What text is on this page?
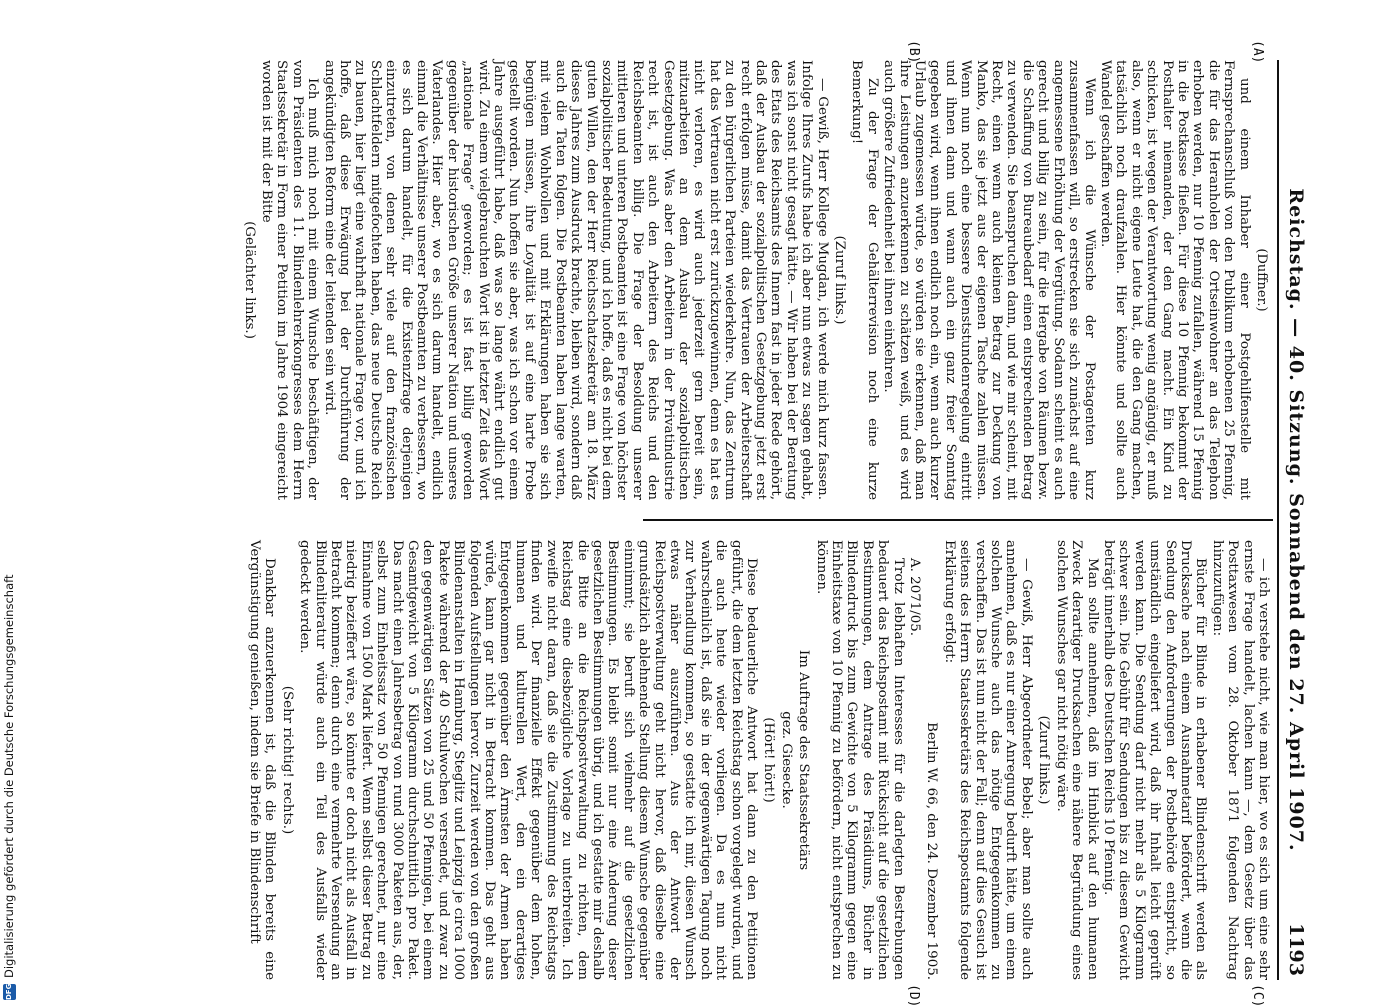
Reichstag. — 40. Sitzung. Sonnabend den 27. April 1907.
1193
(A)
(B)
(C)
(D)
(Duffner.)

und einem Inhaber einer Postgehilfenstelle mit Fernsprechanschluß von den Publikum erhobenen 25 Pfennig, die für das Heranholen der Ortseinwohner an das Telephon erhoben werden, nur 10 Pfennig zufallen, während 15 Pfennig in die Postkasse fließen. Für diese 10 Pfennig bekommt der Posthalter niemanden, der den Gang macht. Ein Kind zu schicken, ist wegen der Verantwortung wenig angängig, er muß also, wenn er nicht eigene Leute hat, die den Gang machen, tatsächlich noch draufzahlen. Hier könnte und sollte auch Wandel geschaffen werden.

Wenn ich die Wünsche der Postagenten kurz zusammenfassen will, so erstrecken sie sich zunächst auf eine angemessene Erhöhung der Vergütung. Sodann scheint es auch gerecht und billig zu sein, für die Hergabe von Räumen bezw. die Schaffung von Bureaubedarf einen entsprechenden Betrag zu verwenden. Sie beanspruchen dann, und wie mir scheint, mit Recht, einen wenn auch kleinen Betrag zur Deckung von Manko, das sie jetzt aus der eigenen Tasche zahlen müssen. Wenn nun noch eine bessere Dienststundenregelung eintritt und ihnen dann und wann auch ein ganz freier Sonntag gegeben wird, wenn ihnen endlich noch ein, wenn auch kurzer Urlaub zugemessen würde, so würden sie erkennen, daß man ihre Leistungen anzuerkennen zu schätzen weiß, und es wird auch größere Zufriedenheit bei ihnen einkehren.

Zu der Frage der Gehälterrevision noch eine kurze Bemerkung!

(Zuruf links.)

— Gewiß, Herr Kollege Mugdan, ich werde mich kurz fassen. Infolge Ihres Zurufs habe ich aber nun etwas zu sagen gehabt, was ich sonst nicht gesagt hätte. — Wir haben bei der Beratung des Etats des Reichsamts des Innern fast in jeder Rede gehört, daß der Ausbau der sozialpolitischen Gesetzgebung jetzt erst recht erfolgen müsse, damit das Vertrauen der Arbeiterschaft zu den bürgerlichen Parteien wiederkehre. Nun, das Zentrum hat das Vertrauen nicht erst zurückzugewinnen, denn es hat es nicht verloren, es wird auch jederzeit gern bereit sein, mitzuarbeiten an dem Ausbau der sozialpolitischen Gesetzgebung. Was aber den Arbeitern in der Privatindustrie recht ist, ist auch den Arbeitern des Reichs und den Reichsbeamten billig. Die Frage der Besoldung unserer mittleren und unteren Postbeamten ist eine Frage von höchster sozialpolitischer Bedeutung, und ich hoffe, daß es nicht bei dem guten Willen, den der Herr Reichsschatzsekretär am 18. März dieses Jahres zum Ausdruck brachte, bleiben wird, sondern daß auch die Taten folgen. Die Postbeamten haben lange warten, mit vielem Wohlwollen und mit Erklärungen haben sie sich begnügen müssen, ihre Loyalität ist auf eine harte Probe gestellt worden. Nun hoffen sie aber, was ich schon vor einem Jahre ausgeführt habe, daß was so lange währt endlich gut wird. Zu einem vielgebrauchten Wort ist in letzter Zeit das Wort „nationale Frage“ geworden; es ist fast billig geworden gegenüber der historischen Größe unserer Nation und unseres Vaterlandes. Hier aber, wo es sich darum handelt, endlich einmal die Verhältnisse unserer Postbeamten zu verbessern, wo es sich darum handelt, für die Existenzfrage derjenigen einzutreten, von denen sehr viele auf den französischen Schlachtfeldern mitgefochten haben, das neue Deutsche Reich zu bauen, hier liegt eine wahrhaft nationale Frage vor, und ich hoffe, daß diese Erwägung bei der Durchführung der angekündigten Reform eine der leitenden sein wird.

Ich muß mich noch mit einem Wunsche beschäftigen, der vom Präsidenten des 11. Blindenlehrerkongresses dem Herrn Staatssekretär in Form einer Petition im Jahre 1904 eingereicht worden ist mit der Bitte

(Gelächter links.)

— ich verstehe nicht, wie man hier, wo es sich um eine sehr ernste Frage handelt, lachen kann —, dem Gesetz über das Posttaxwesen vom 28. Oktober 1871 folgenden Nachtrag hinzuzufügen:

Bücher für Blinde in erhabener Blindenschrift werden als Drucksache nach einem Ausnahmetarif befördert, wenn die Sendung den Anforderungen der Postbehörde entspricht, so umständlich eingeliefert wird, daß ihr Inhalt leicht geprüft werden kann. Die Sendung darf nicht mehr als 5 Kilogramm schwer sein. Die Gebühr für Sendungen bis zu diesem Gewicht beträgt innerhalb des Deutschen Reichs 10 Pfennig.

Man sollte annehmen, daß im Hinblick auf den humanen Zweck derartiger Drucksachen eine nähere Begründung eines solchen Wunsches gar nicht nötig wäre.

(Zuruf links.)

— Gewiß, Herr Abgeordneter Bebel; aber man sollte auch annehmen, daß es nur einer Anregung bedurft hätte, um einem solchen Wunsche auch das nötige Entgegenkommen zu verschaffen. Das ist nun nicht der Fall; denn auf dies Gesuch ist seitens des Herrn Staatssekretärs des Reichspostamts folgende Erklärung erfolgt:

Berlin W. 66, den 24. Dezember 1905.

A. 2071/05.

Trotz lebhaften Interesses für die darlegten Bestrebungen bedauert das Reichspostamt mit Rücksicht auf die gesetzlichen Bestimmungen, dem Antrage des Präsidiums, Bücher in Blindendruck bis zum Gewichte von 5 Kilogramm gegen eine Einheitstaxe von 10 Pfennig zu befördern, nicht entsprechen zu können.

Im Auftrage des Staatssekretärs

gez. Giesecke.

(Hört! hört!)

Diese bedauerliche Antwort hat dann zu den Petitionen geführt, die dem letzten Reichstag schon vorgelegt wurden, und die auch heute wieder vorliegen. Da es nun nicht wahrscheinlich ist, daß sie in der gegenwärtigen Tagung noch zur Verhandlung kommen, so gestatte ich mir, diesen Wunsch etwas näher auszuführen. Aus der Antwort der Reichspostverwaltung geht nicht hervor, daß dieselbe eine grundsätzlich ablehnende Stellung diesem Wunsche gegenüber einnimmt; sie beruft sich vielmehr auf die gesetzlichen Bestimmungen. Es bleibt somit nur eine Änderung dieser gesetzlichen Bestimmungen übrig, und ich gestatte mir deshalb die Bitte an die Reichspostverwaltung zu richten, dem Reichstag eine diesbezügliche Vorlage zu unterbreiten. Ich zweifle nicht daran, daß sie die Zustimmung des Reichstags finden wird. Der finanzielle Effekt gegenüber dem hohen, humanen und kulturellen Wert, den ein derartiges Entgegenkommen gegenüber den Ärmsten der Armen haben würde, kann gar nicht in Betracht kommen. Das geht aus folgenden Aufstellungen hervor. Zurzeit werden von den großen Blindenanstalten in Hamburg, Steglitz und Leipzig je circa 1000 Pakete während der 40 Schulwochen versendet, und zwar zu den gegenwärtigen Sätzen von 25 und 50 Pfennigen, bei einem Gesamtgewicht von 5 Kilogramm durchschnittlich pro Paket. Das macht einen Jahresbetrag von rund 3000 Paketen aus, der, selbst zum Einheitssatz von 50 Pfennigen gerechnet, nur eine Einnahme von 1500 Mark liefert. Wenn selbst dieser Betrag zu niedrig bezieffert wäre, so könnte er doch nicht als Ausfall in Betracht kommen; denn durch eine vermehrte Versendung an Blindenliteratur würde auch ein Teil des Ausfalls wieder gedeckt werden.

(Sehr richtig! rechts.)

Dankbar anzuerkennen ist, daß die Blinden bereits eine Vergünstigung genießen, indem sie Briefe in Blindenschrift

DFG
Digitalisierung gefördert durch die Deutsche Forschungsgemeinschaft
